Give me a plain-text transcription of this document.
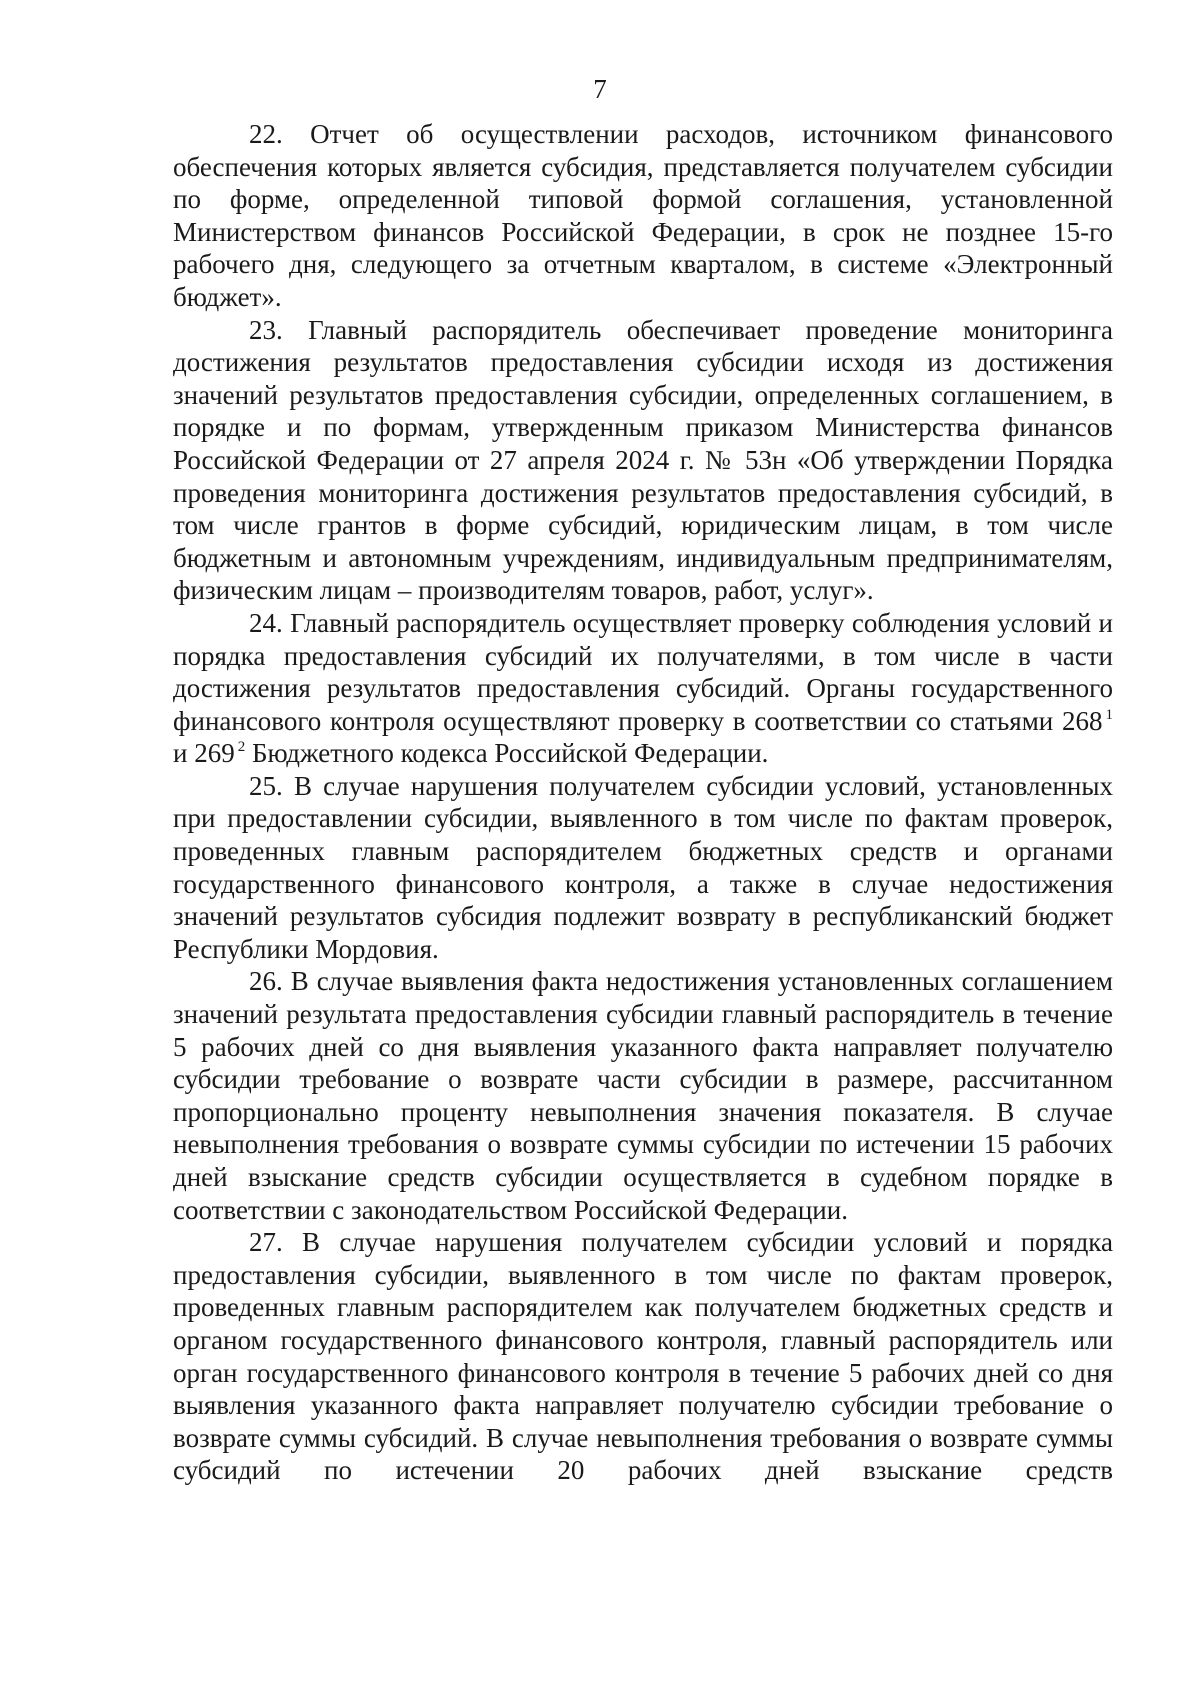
7

22. Отчет об осуществлении расходов, источником финансового обеспечения которых является субсидия, представляется получателем субсидии по форме, определенной типовой формой соглашения, установленной Министерством финансов Российской Федерации, в срок не позднее 15-го рабочего дня, следующего за отчетным кварталом, в системе «Электронный бюджет».

23. Главный распорядитель обеспечивает проведение мониторинга достижения результатов предоставления субсидии исходя из достижения значений результатов предоставления субсидии, определенных соглашением, в порядке и по формам, утвержденным приказом Министерства финансов Российской Федерации от 27 апреля 2024 г. № 53н «Об утверждении Порядка проведения мониторинга достижения результатов предоставления субсидий, в том числе грантов в форме субсидий, юридическим лицам, в том числе бюджетным и автономным учреждениям, индивидуальным предпринимателям, физическим лицам – производителям товаров, работ, услуг».

24. Главный распорядитель осуществляет проверку соблюдения условий и порядка предоставления субсидий их получателями, в том числе в части достижения результатов предоставления субсидий. Органы государственного финансового контроля осуществляют проверку в соответствии со статьями 268 $^1$ и 269 $^2$ Бюджетного кодекса Российской Федерации.

25. В случае нарушения получателем субсидии условий, установленных при предоставлении субсидии, выявленного в том числе по фактам проверок, проведенных главным распорядителем бюджетных средств и органами государственного финансового контроля, а также в случае недостижения значений результатов субсидия подлежит возврату в республиканский бюджет Республики Мордовия.

26. В случае выявления факта недостижения установленных соглашением значений результата предоставления субсидии главный распорядитель в течение 5 рабочих дней со дня выявления указанного факта направляет получателю субсидии требование о возврате части субсидии в размере, рассчитанном пропорционально проценту невыполнения значения показателя. В случае невыполнения требования о возврате суммы субсидии по истечении 15 рабочих дней взыскание средств субсидии осуществляется в судебном порядке в соответствии с законодательством Российской Федерации.

27. В случае нарушения получателем субсидии условий и порядка предоставления субсидии, выявленного в том числе по фактам проверок, проведенных главным распорядителем как получателем бюджетных средств и органом государственного финансового контроля, главный распорядитель или орган государственного финансового контроля в течение 5 рабочих дней со дня выявления указанного факта направляет получателю субсидии требование о возврате суммы субсидий. В случае невыполнения требования о возврате суммы субсидий по истечении 20 рабочих дней взыскание средств
